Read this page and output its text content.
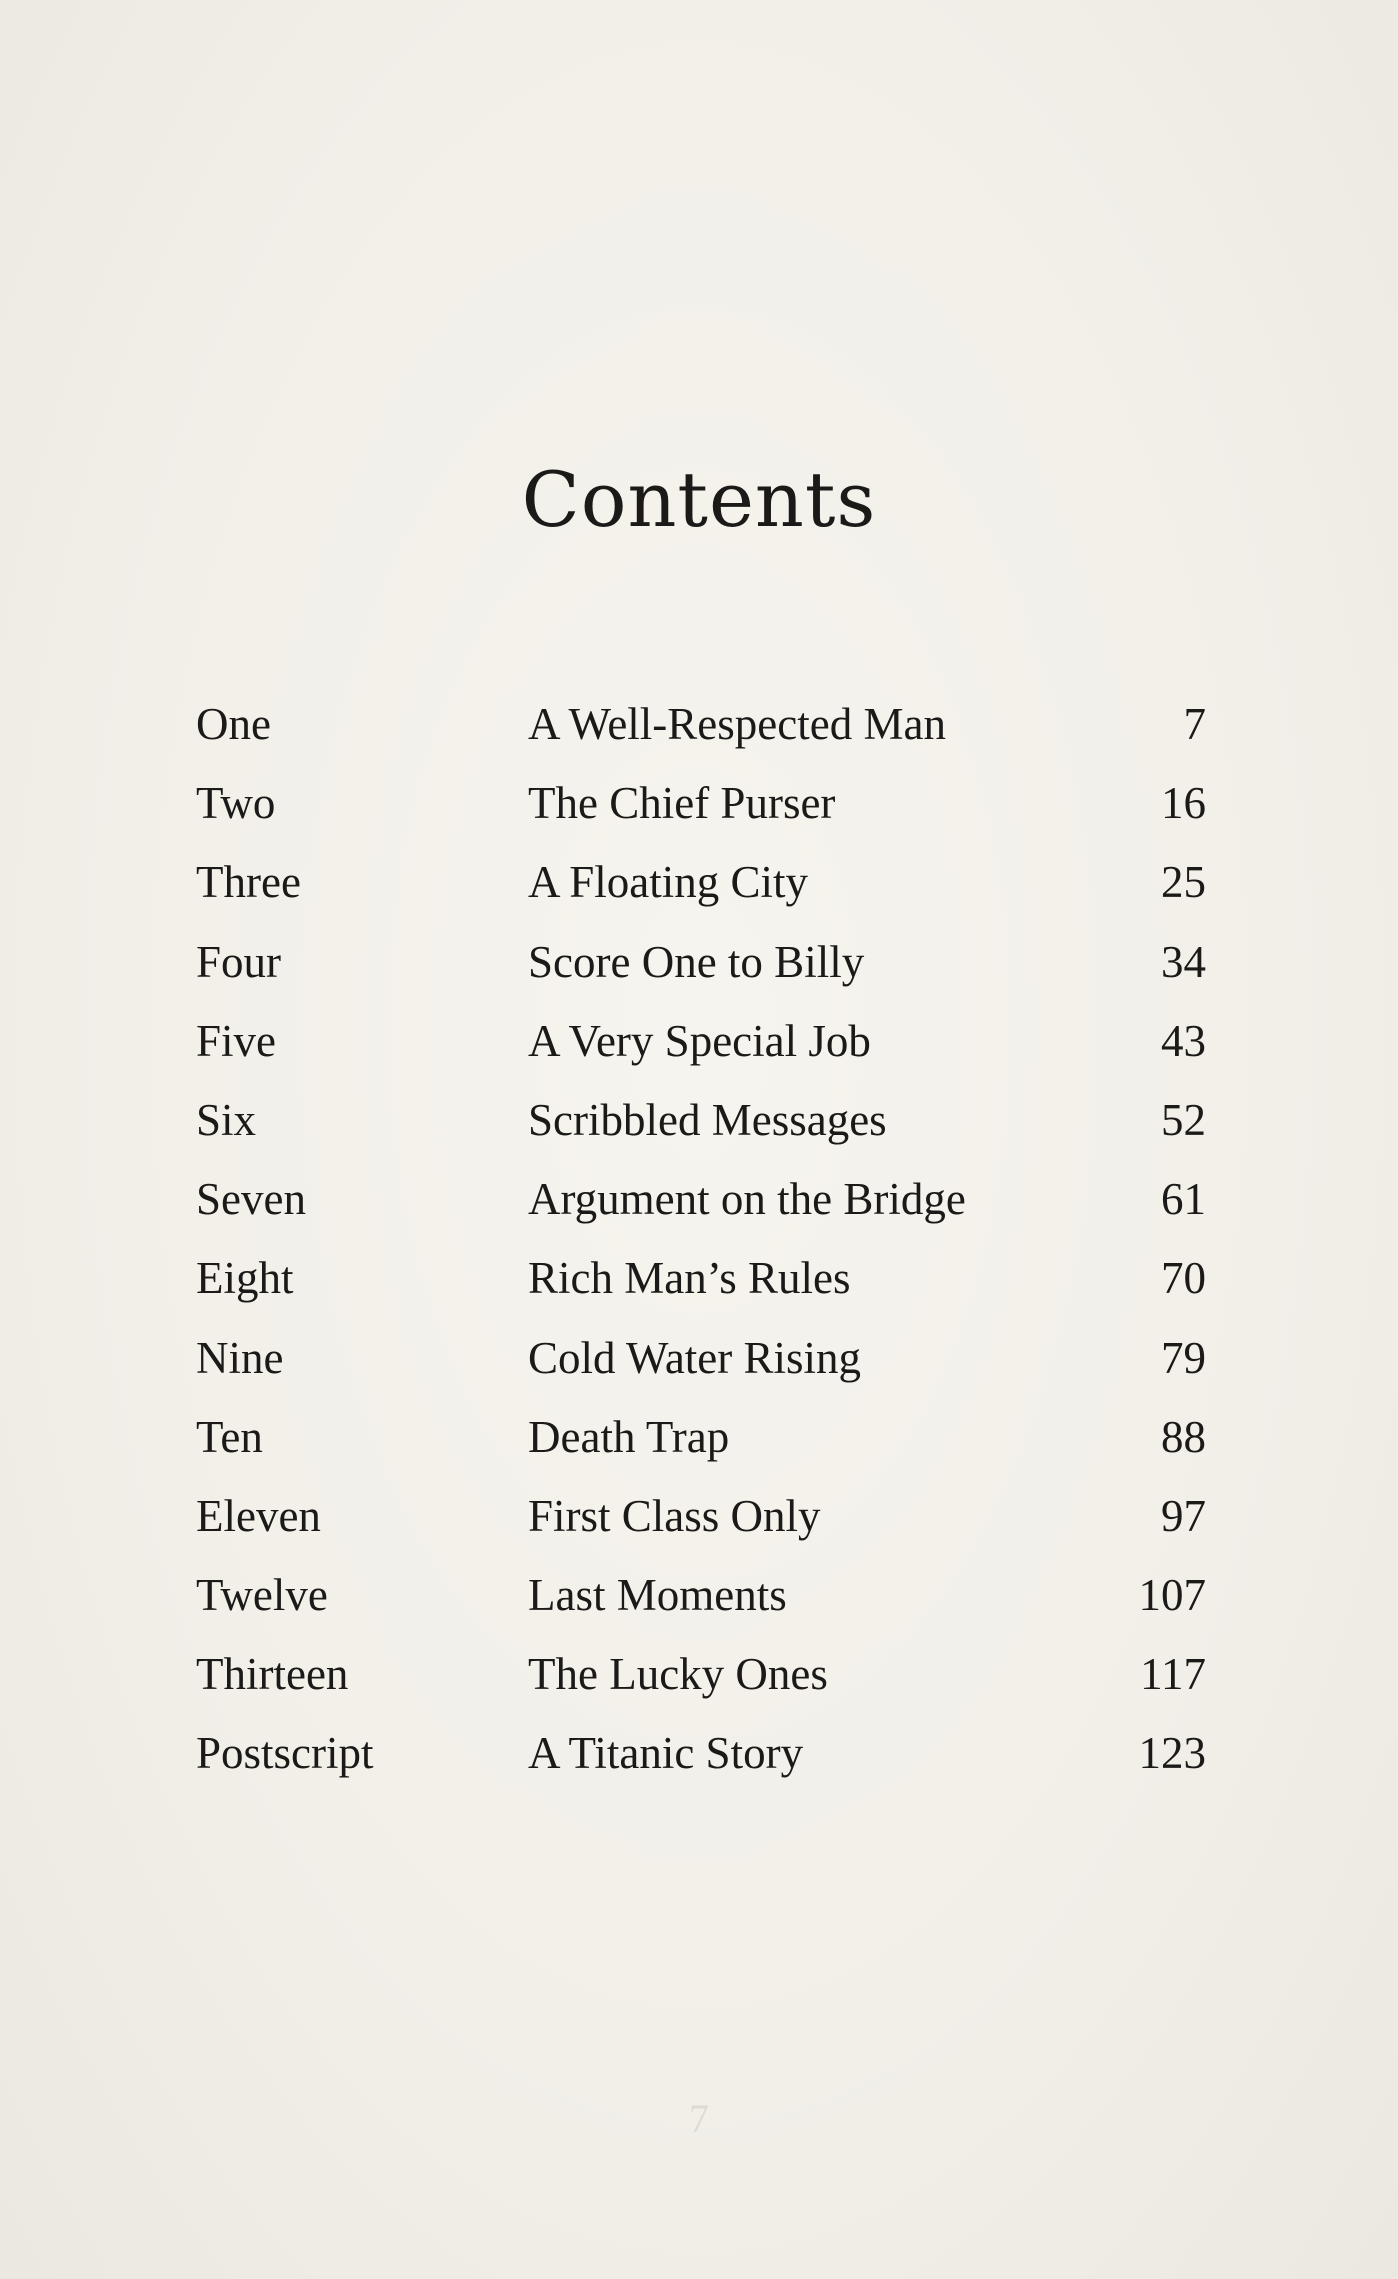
Contents
One	A Well-Respected Man	7
Two	The Chief Purser	16
Three	A Floating City	25
Four	Score One to Billy	34
Five	A Very Special Job	43
Six	Scribbled Messages	52
Seven	Argument on the Bridge	61
Eight	Rich Man’s Rules	70
Nine	Cold Water Rising	79
Ten	Death Trap	88
Eleven	First Class Only	97
Twelve	Last Moments	107
Thirteen	The Lucky Ones	117
Postscript	A Titanic Story	123
7
